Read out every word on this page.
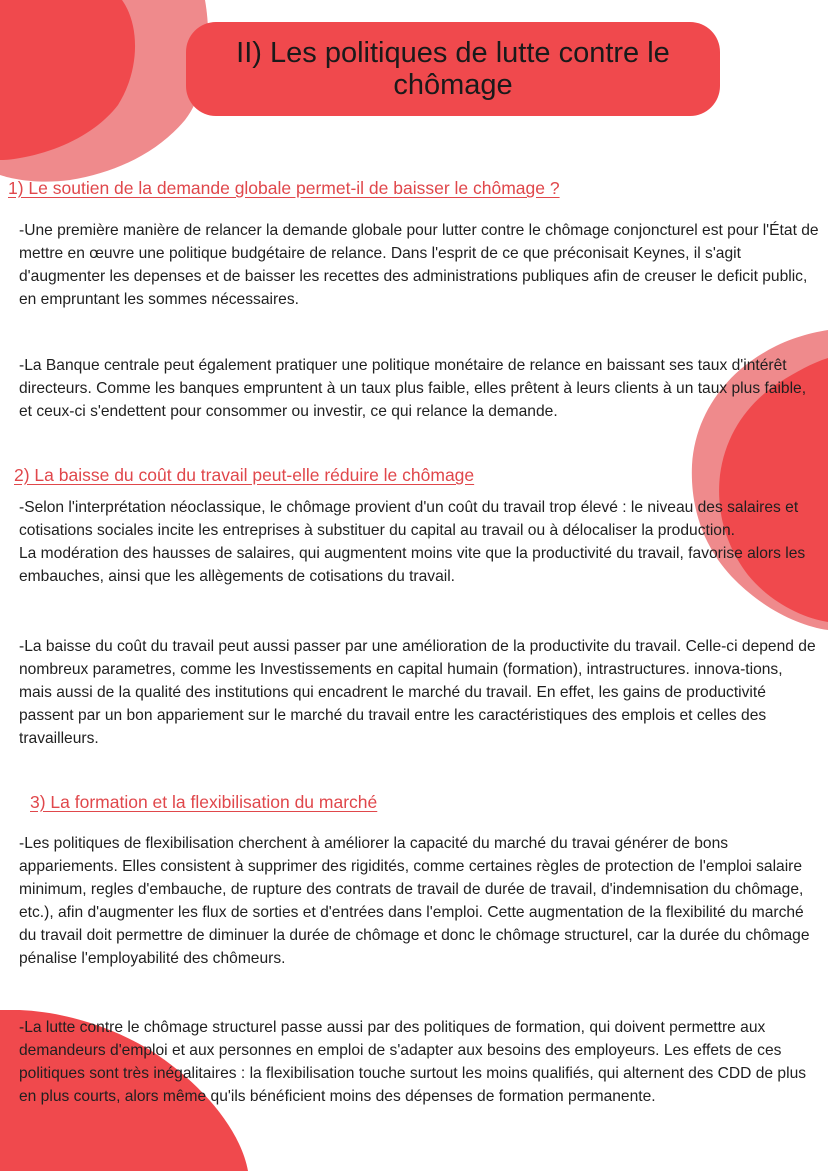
II) Les politiques de lutte contre le chômage
1) Le soutien de la demande globale permet-il de baisser le chômage ?

-Une première manière de relancer la demande globale pour lutter contre le chômage conjoncturel est pour l'État de mettre en œuvre une politique budgétaire de relance. Dans l'esprit de ce que préconisait Keynes, il s'agit d'augmenter les depenses et de baisser les recettes des administrations publiques afin de creuser le deficit public, en empruntant les sommes nécessaires.

-La Banque centrale peut également pratiquer une politique monétaire de relance en baissant ses taux d'intérêt directeurs. Comme les banques empruntent à un taux plus faible, elles prêtent à leurs clients à un taux plus faible, et ceux-ci s'endettent pour consommer ou investir, ce qui relance la demande.

2) La baisse du coût du travail peut-elle réduire le chômage

-Selon l'interprétation néoclassique, le chômage provient d'un coût du travail trop élevé : le niveau des salaires et cotisations sociales incite les entreprises à substituer du capital au travail ou à délocaliser la production.
La modération des hausses de salaires, qui augmentent moins vite que la productivité du travail, favorise alors les embauches, ainsi que les allègements de cotisations du travail.

-La baisse du coût du travail peut aussi passer par une amélioration de la productivite du travail. Celle-ci depend de nombreux parametres, comme les Investissements en capital humain (formation), intrastructures. innova-tions, mais aussi de la qualité des institutions qui encadrent le marché du travail. En effet, les gains de productivité passent par un bon appariement sur le marché du travail entre les caractéristiques des emplois et celles des
travailleurs.

3) La formation et la flexibilisation du marché

-Les politiques de flexibilisation cherchent à améliorer la capacité du marché du travai générer de bons appariements. Elles consistent à supprimer des rigidités, comme certaines règles de protection de l'emploi salaire minimum, regles d'embauche, de rupture des contrats de travail de durée de travail, d'indemnisation du chômage, etc.), afin d'augmenter les flux de sorties et d'entrées dans l'emploi. Cette augmentation de la flexibilité du marché du travail doit permettre de diminuer la durée de chômage et donc le chômage structurel, car la durée du chômage pénalise l'employabilité des chômeurs.

-La lutte contre le chômage structurel passe aussi par des politiques de formation, qui doivent permettre aux demandeurs d'emploi et aux personnes en emploi de s'adapter aux besoins des employeurs. Les effets de ces politiques sont très inégalitaires : la flexibilisation touche surtout les moins qualifiés, qui alternent des CDD de plus en plus courts, alors même qu'ils bénéficient moins des dépenses de formation permanente.
